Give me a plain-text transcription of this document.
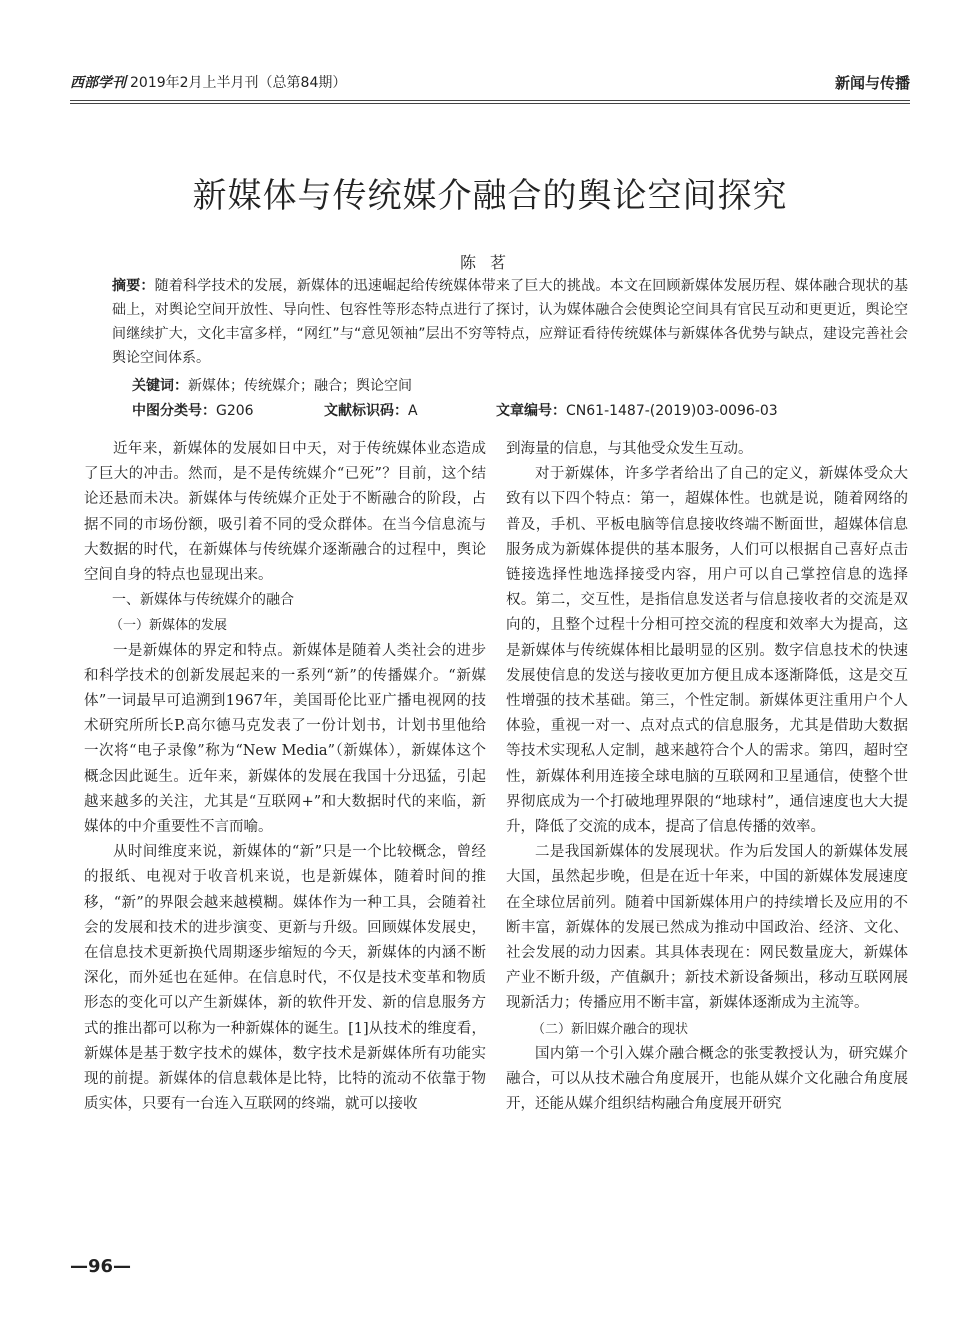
西部学刊 2019年2月上半月刊（总第84期）	新闻与传播
新媒体与传统媒介融合的舆论空间探究
陈茗
摘要：随着科学技术的发展，新媒体的迅速崛起给传统媒体带来了巨大的挑战。本文在回顾新媒体发展历程、媒体融合现状的基础上，对舆论空间开放性、导向性、包容性等形态特点进行了探讨，认为媒体融合会使舆论空间具有官民互动和更更近，舆论空间继续扩大，文化丰富多样，“网红”与“意见领袖”层出不穷等特点，应辩证看待传统媒体与新媒体各优势与缺点，建设完善社会舆论空间体系。
关键词：新媒体；传统媒介；融合；舆论空间
中图分类号：G206	文献标识码：A	文章编号：CN61-1487-(2019)03-0096-03

近年来，新媒体的发展如日中天，对于传统媒体业态造成了巨大的冲击。然而，是不是传统媒介“已死”？目前，这个结论还悬而未决。新媒体与传统媒介正处于不断融合的阶段，占据不同的市场份额，吸引着不同的受众群体。在当今信息流与大数据的时代，在新媒体与传统媒介逐渐融合的过程中，舆论空间自身的特点也显现出来。

一、新媒体与传统媒介的融合

（一）新媒体的发展

一是新媒体的界定和特点。新媒体是随着人类社会的进步和科学技术的创新发展起来的一系列“新”的传播媒介。“新媒体”一词最早可追溯到1967年，美国哥伦比亚广播电视网的技术研究所所长P.高尔德马克发表了一份计划书，计划书里他给一次将“电子录像”称为“New Media”（新媒体），新媒体这个概念因此诞生。近年来，新媒体的发展在我国十分迅猛，引起越来越多的关注，尤其是“互联网+”和大数据时代的来临，新媒体的中介重要性不言而喻。

从时间维度来说，新媒体的“新”只是一个比较概念，曾经的报纸、电视对于收音机来说，也是新媒体，随着时间的推移，“新”的界限会越来越模糊。媒体作为一种工具，会随着社会的发展和技术的进步演变、更新与升级。回顾媒体发展史，在信息技术更新换代周期逐步缩短的今天，新媒体的内涵不断深化，而外延也在延伸。在信息时代，不仅是技术变革和物质形态的变化可以产生新媒体，新的软件开发、新的信息服务方式的推出都可以称为一种新媒体的诞生。[1]从技术的维度看，新媒体是基于数字技术的媒体，数字技术是新媒体所有功能实现的前提。新媒体的信息载体是比特，比特的流动不依靠于物质实体，只要有一台连入互联网的终端，就可以接收

到海量的信息，与其他受众发生互动。

对于新媒体，许多学者给出了自己的定义，新媒体受众大致有以下四个特点：第一，超媒体性。也就是说，随着网络的普及，手机、平板电脑等信息接收终端不断面世，超媒体信息服务成为新媒体提供的基本服务，人们可以根据自己喜好点击链接选择性地选择接受内容，用户可以自己掌控信息的选择权。第二，交互性，是指信息发送者与信息接收者的交流是双向的，且整个过程十分相可控交流的程度和效率大为提高，这是新媒体与传统媒体相比最明显的区别。数字信息技术的快速发展使信息的发送与接收更加方便且成本逐渐降低，这是交互性增强的技术基础。第三，个性定制。新媒体更注重用户个人体验，重视一对一、点对点式的信息服务，尤其是借助大数据等技术实现私人定制，越来越符合个人的需求。第四，超时空性，新媒体利用连接全球电脑的互联网和卫星通信，使整个世界彻底成为一个打破地理界限的“地球村”，通信速度也大大提升，降低了交流的成本，提高了信息传播的效率。

二是我国新媒体的发展现状。作为后发国人的新媒体发展大国，虽然起步晚，但是在近十年来，中国的新媒体发展速度在全球位居前列。随着中国新媒体用户的持续增长及应用的不断丰富，新媒体的发展已然成为推动中国政治、经济、文化、社会发展的动力因素。其具体表现在：网民数量庞大，新媒体产业不断升级，产值飙升；新技术新设备频出，移动互联网展现新活力；传播应用不断丰富，新媒体逐渐成为主流等。

（二）新旧媒介融合的现状

国内第一个引入媒介融合概念的张雯教授认为，研究媒介融合，可以从技术融合角度展开，也能从媒介文化融合角度展开，还能从媒介组织结构融合角度展开研究

—96—
